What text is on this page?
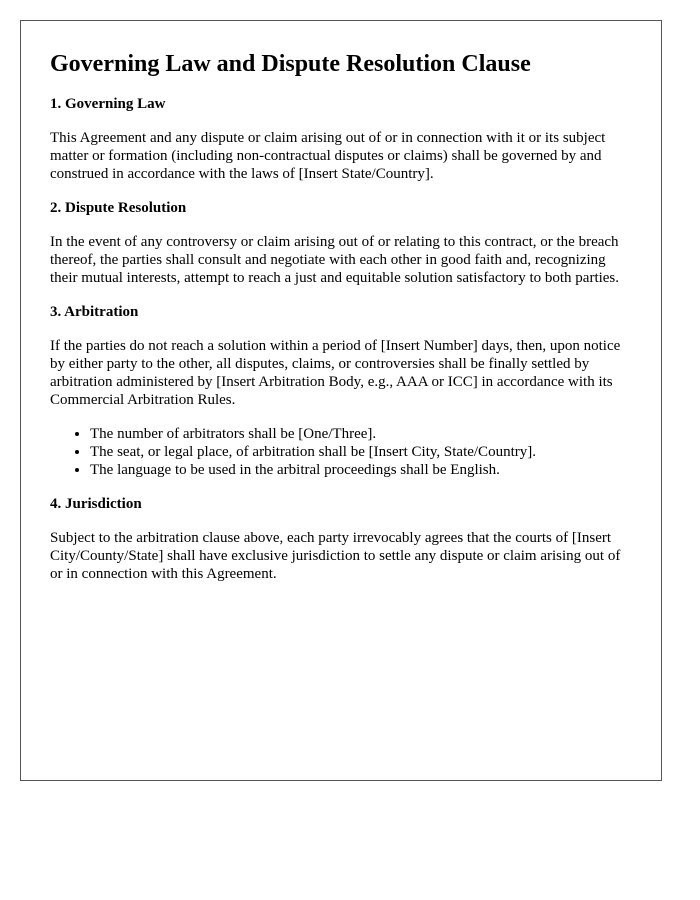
Governing Law and Dispute Resolution Clause
1. Governing Law

This Agreement and any dispute or claim arising out of or in connection with it or its subject matter or formation (including non-contractual disputes or claims) shall be governed by and construed in accordance with the laws of [Insert State/Country].

2. Dispute Resolution

In the event of any controversy or claim arising out of or relating to this contract, or the breach thereof, the parties shall consult and negotiate with each other in good faith and, recognizing their mutual interests, attempt to reach a just and equitable solution satisfactory to both parties.

3. Arbitration

If the parties do not reach a solution within a period of [Insert Number] days, then, upon notice by either party to the other, all disputes, claims, or controversies shall be finally settled by arbitration administered by [Insert Arbitration Body, e.g., AAA or ICC] in accordance with its Commercial Arbitration Rules.

• The number of arbitrators shall be [One/Three].
• The seat, or legal place, of arbitration shall be [Insert City, State/Country].
• The language to be used in the arbitral proceedings shall be English.
4. Jurisdiction

Subject to the arbitration clause above, each party irrevocably agrees that the courts of [Insert City/County/State] shall have exclusive jurisdiction to settle any dispute or claim arising out of or in connection with this Agreement.
